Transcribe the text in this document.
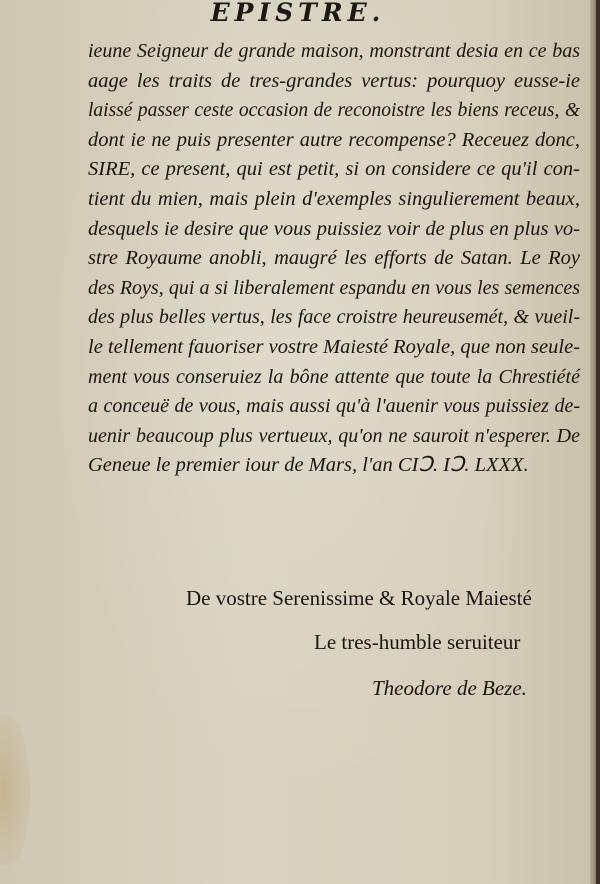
EPISTRE.
ieune Seigneur de grande maison, monstrant desia en ce bas
aage les traits de tres-grandes vertus: pourquoy eusse-ie
laissé passer ceste occasion de reconoistre les biens receus, &
dont ie ne puis presenter autre recompense? Receuez donc,
SIRE, ce present, qui est petit, si on considere ce qu'il con-
tient du mien, mais plein d'exemples singulierement beaux,
desquels ie desire que vous puissiez voir de plus en plus vo-
stre Royaume anobli, maugré les efforts de Satan. Le Roy
des Roys, qui a si liberalement espandu en vous les semences
des plus belles vertus, les face croistre heureusemét, & vueil-
le tellement fauoriser vostre Maiesté Royale, que non seule-
ment vous conseruiez la bône attente que toute la Chrestiété
a conceuë de vous, mais aussi qu'à l'auenir vous puissiez de-
uenir beaucoup plus vertueux, qu'on ne sauroit n'esperer. De
Geneue le premier iour de Mars, l'an CIↃ. IↃ. LXXX.

De vostre Serenissime & Royale Maiesté

Le tres-humble seruiteur

Theodore de Beze.
